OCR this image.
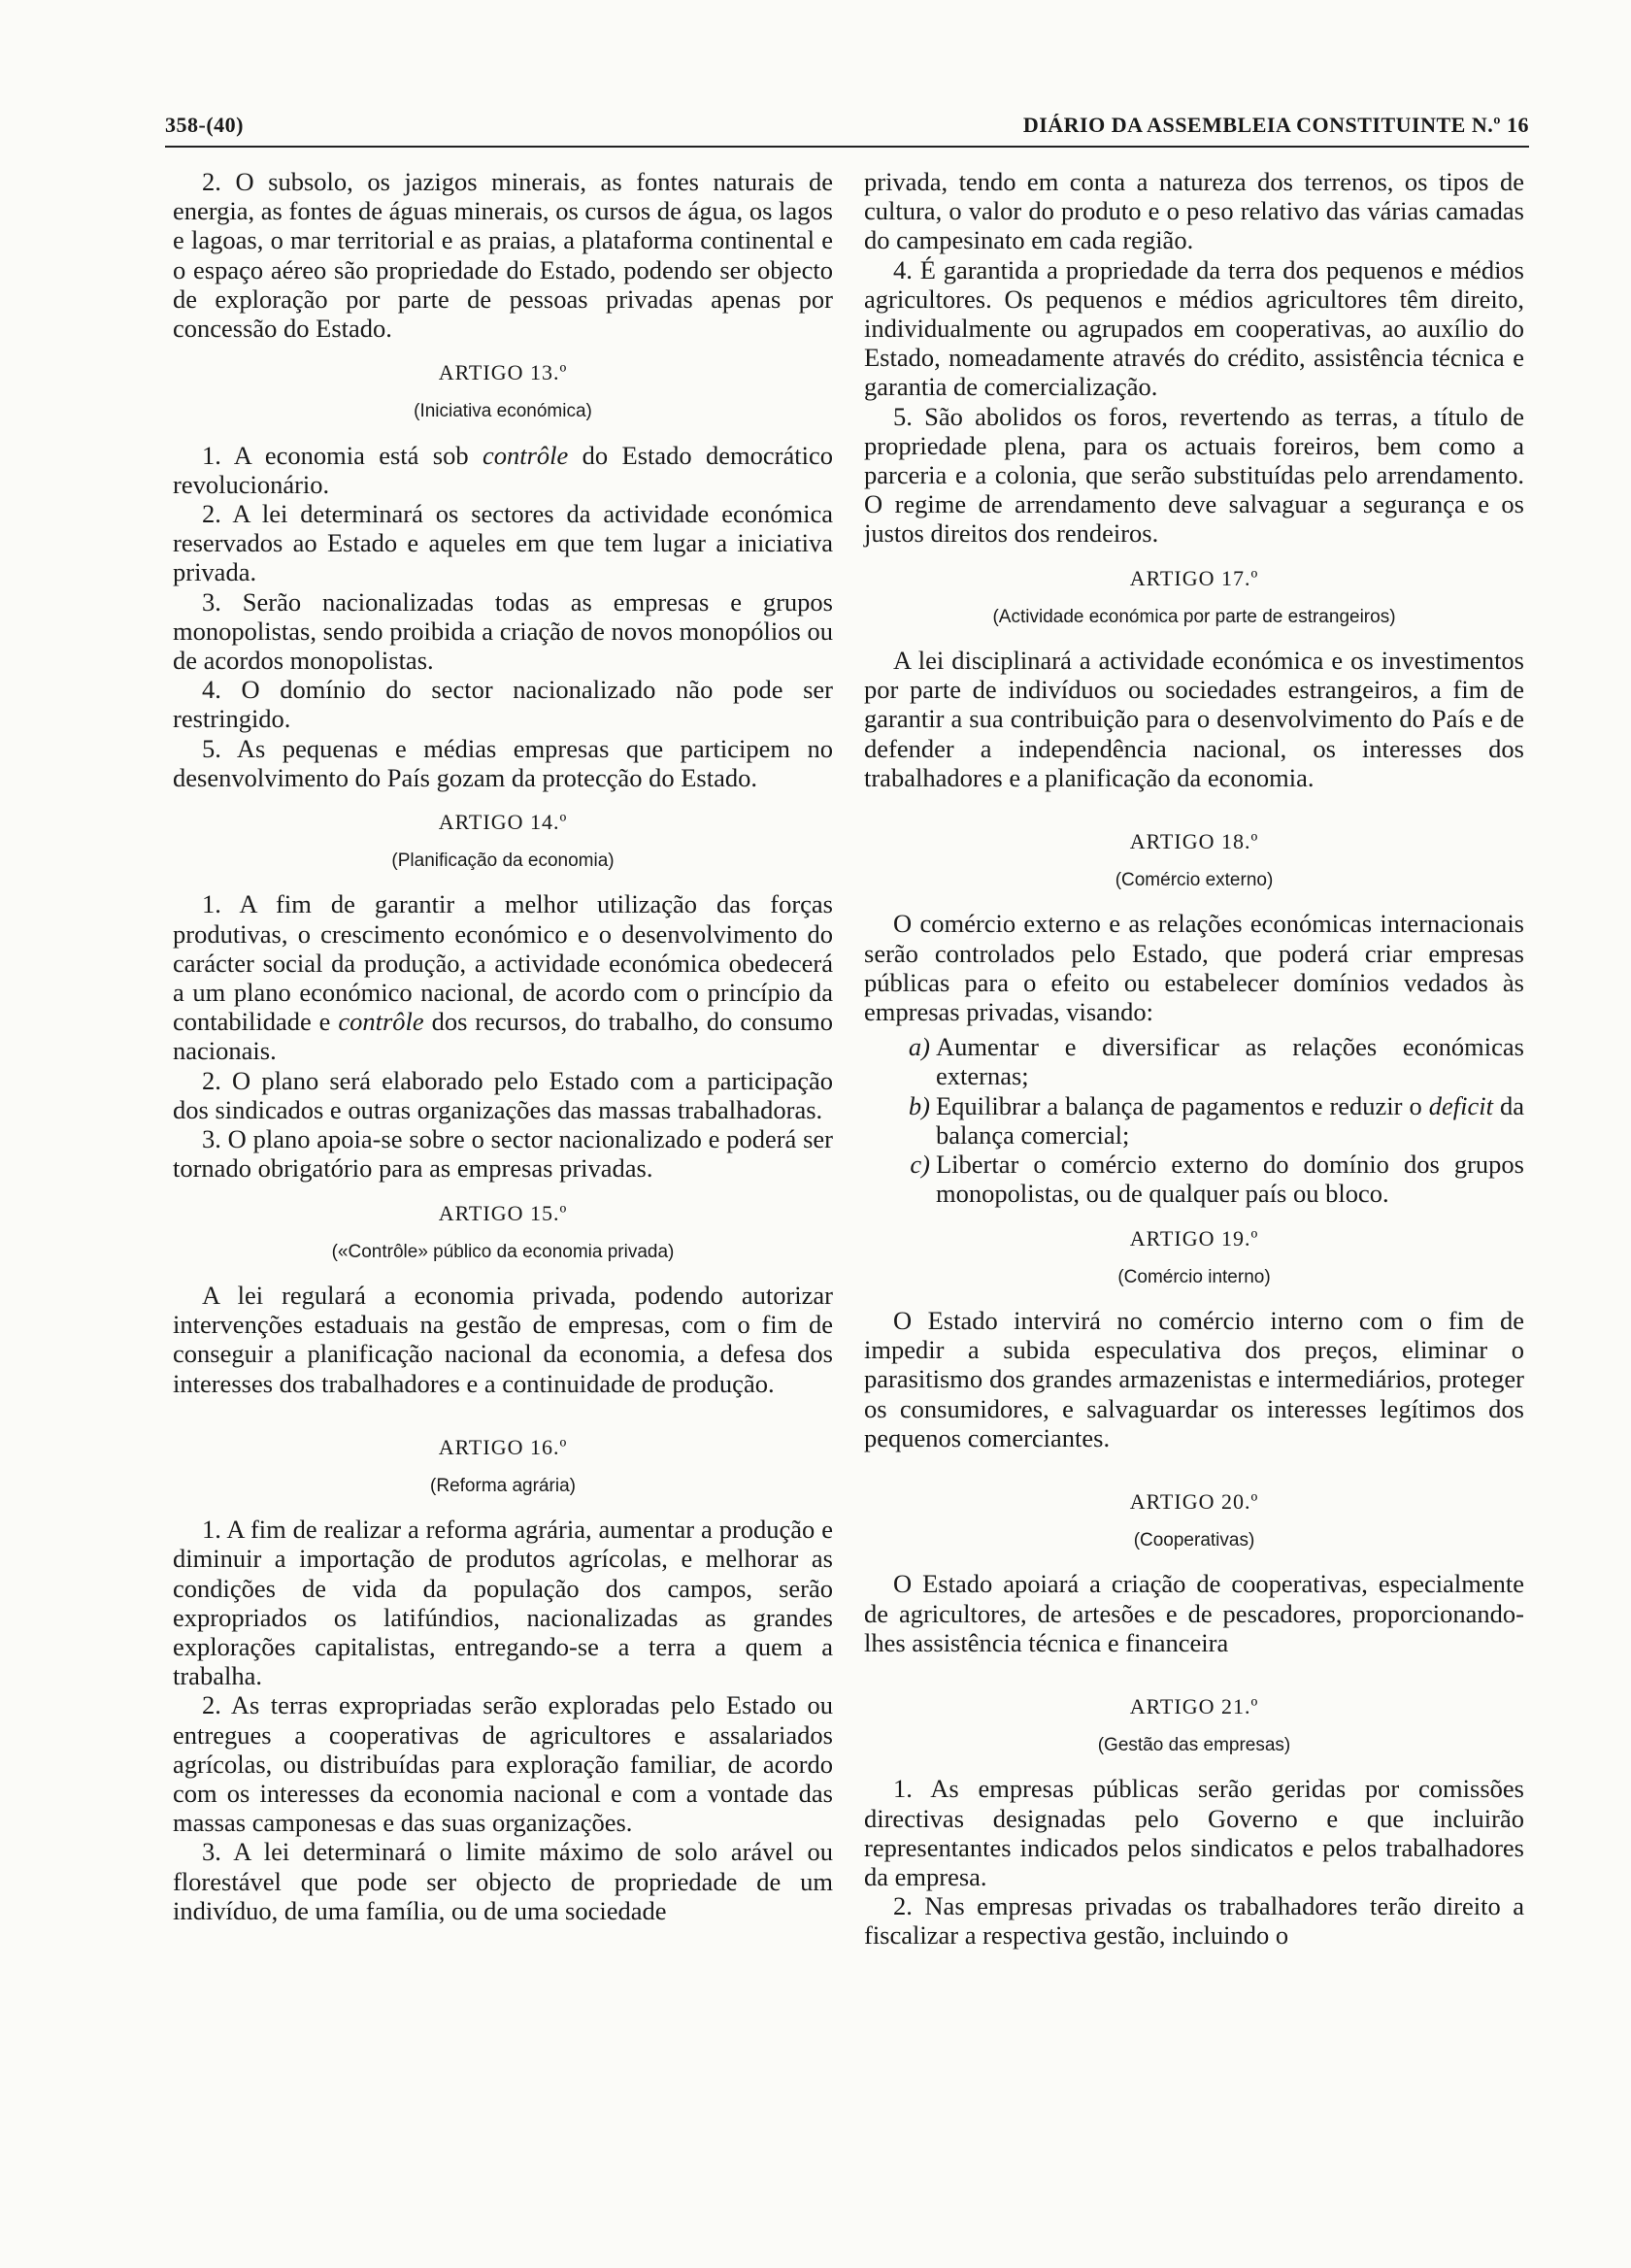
358-(40)	DIÁRIO DA ASSEMBLEIA CONSTITUINTE N.º 16

2. O subsolo, os jazigos minerais, as fontes naturais de energia, as fontes de águas minerais, os cursos de água, os lagos e lagoas, o mar territorial e as praias, a plataforma continental e o espaço aéreo são propriedade do Estado, podendo ser objecto de exploração por parte de pessoas privadas apenas por concessão do Estado.

ARTIGO 13.º

(Iniciativa económica)

1. A economia está sob contrôle do Estado democrático revolucionário.

2. A lei determinará os sectores da actividade económica reservados ao Estado e aqueles em que tem lugar a iniciativa privada.

3. Serão nacionalizadas todas as empresas e grupos monopolistas, sendo proibida a criação de novos monopólios ou de acordos monopolistas.

4. O domínio do sector nacionalizado não pode ser restringido.

5. As pequenas e médias empresas que participem no desenvolvimento do País gozam da protecção do Estado.

ARTIGO 14.º

(Planificação da economia)

1. A fim de garantir a melhor utilização das forças produtivas, o crescimento económico e o desenvolvimento do carácter social da produção, a actividade económica obedecerá a um plano económico nacional, de acordo com o princípio da contabilidade e contrôle dos recursos, do trabalho, do consumo nacionais.

2. O plano será elaborado pelo Estado com a participação dos sindicados e outras organizações das massas trabalhadoras.

3. O plano apoia-se sobre o sector nacionalizado e poderá ser tornado obrigatório para as empresas privadas.

ARTIGO 15.º

(«Contrôle» público da economia privada)

A lei regulará a economia privada, podendo autorizar intervenções estaduais na gestão de empresas, com o fim de conseguir a planificação nacional da economia, a defesa dos interesses dos trabalhadores e a continuidade de produção.

ARTIGO 16.º

(Reforma agrária)

1. A fim de realizar a reforma agrária, aumentar a produção e diminuir a importação de produtos agrícolas, e melhorar as condições de vida da população dos campos, serão expropriados os latifúndios, nacionalizadas as grandes explorações capitalistas, entregando-se a terra a quem a trabalha.

2. As terras expropriadas serão exploradas pelo Estado ou entregues a cooperativas de agricultores e assalariados agrícolas, ou distribuídas para exploração familiar, de acordo com os interesses da economia nacional e com a vontade das massas camponesas e das suas organizações.

3. A lei determinará o limite máximo de solo arável ou florestável que pode ser objecto de propriedade de um indivíduo, de uma família, ou de uma sociedade

privada, tendo em conta a natureza dos terrenos, os tipos de cultura, o valor do produto e o peso relativo das várias camadas do campesinato em cada região.

4. É garantida a propriedade da terra dos pequenos e médios agricultores. Os pequenos e médios agricultores têm direito, individualmente ou agrupados em cooperativas, ao auxílio do Estado, nomeadamente através do crédito, assistência técnica e garantia de comercialização.

5. São abolidos os foros, revertendo as terras, a título de propriedade plena, para os actuais foreiros, bem como a parceria e a colonia, que serão substituídas pelo arrendamento. O regime de arrendamento deve salvaguar a segurança e os justos direitos dos rendeiros.

ARTIGO 17.º

(Actividade económica por parte de estrangeiros)

A lei disciplinará a actividade económica e os investimentos por parte de indivíduos ou sociedades estrangeiros, a fim de garantir a sua contribuição para o desenvolvimento do País e de defender a independência nacional, os interesses dos trabalhadores e a planificação da economia.

ARTIGO 18.º

(Comércio externo)

O comércio externo e as relações económicas internacionais serão controlados pelo Estado, que poderá criar empresas públicas para o efeito ou estabelecer domínios vedados às empresas privadas, visando:

a) Aumentar e diversificar as relações económicas externas;
b) Equilibrar a balança de pagamentos e reduzir o deficit da balança comercial;
c) Libertar o comércio externo do domínio dos grupos monopolistas, ou de qualquer país ou bloco.

ARTIGO 19.º

(Comércio interno)

O Estado intervirá no comércio interno com o fim de impedir a subida especulativa dos preços, eliminar o parasitismo dos grandes armazenistas e intermediários, proteger os consumidores, e salvaguardar os interesses legítimos dos pequenos comerciantes.

ARTIGO 20.º

(Cooperativas)

O Estado apoiará a criação de cooperativas, especialmente de agricultores, de artesões e de pescadores, proporcionando-lhes assistência técnica e financeira

ARTIGO 21.º

(Gestão das empresas)

1. As empresas públicas serão geridas por comissões directivas designadas pelo Governo e que incluirão representantes indicados pelos sindicatos e pelos trabalhadores da empresa.

2. Nas empresas privadas os trabalhadores terão direito a fiscalizar a respectiva gestão, incluindo o
